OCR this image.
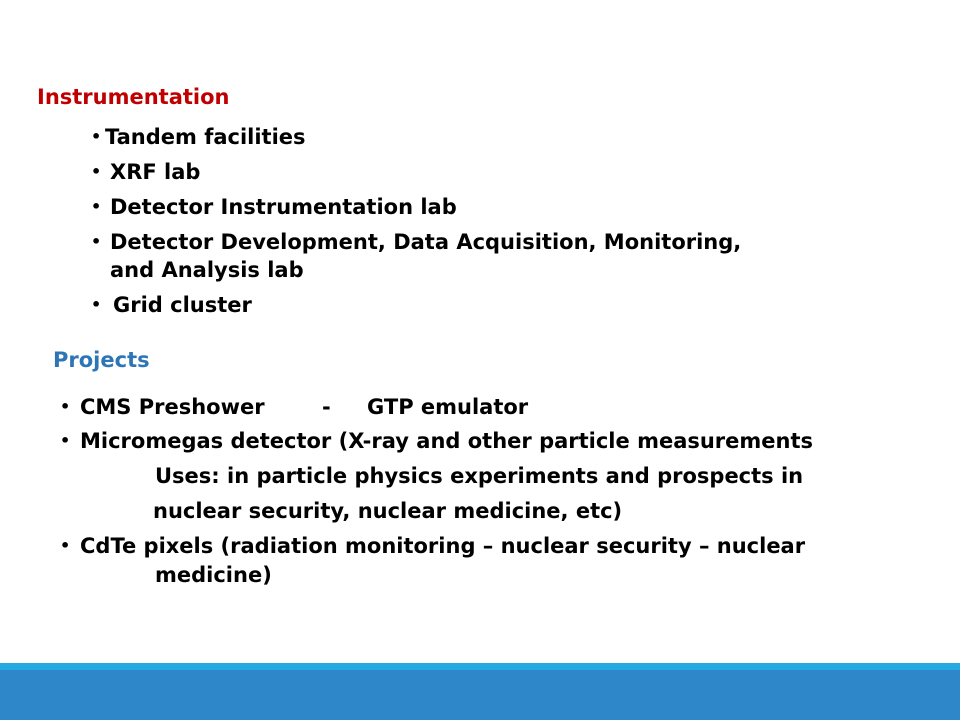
Instrumentation
• Tandem facilities
• XRF lab
• Detector Instrumentation lab
• Detector Development, Data Acquisition, Monitoring,
and Analysis lab
• Grid cluster
Projects
• CMS Preshower	- GTP emulator
• Micromegas detector (X-ray and other particle measurements
Uses: in particle physics experiments and prospects in
nuclear security, nuclear medicine, etc)
• CdTe pixels (radiation monitoring – nuclear security – nuclear
medicine)
